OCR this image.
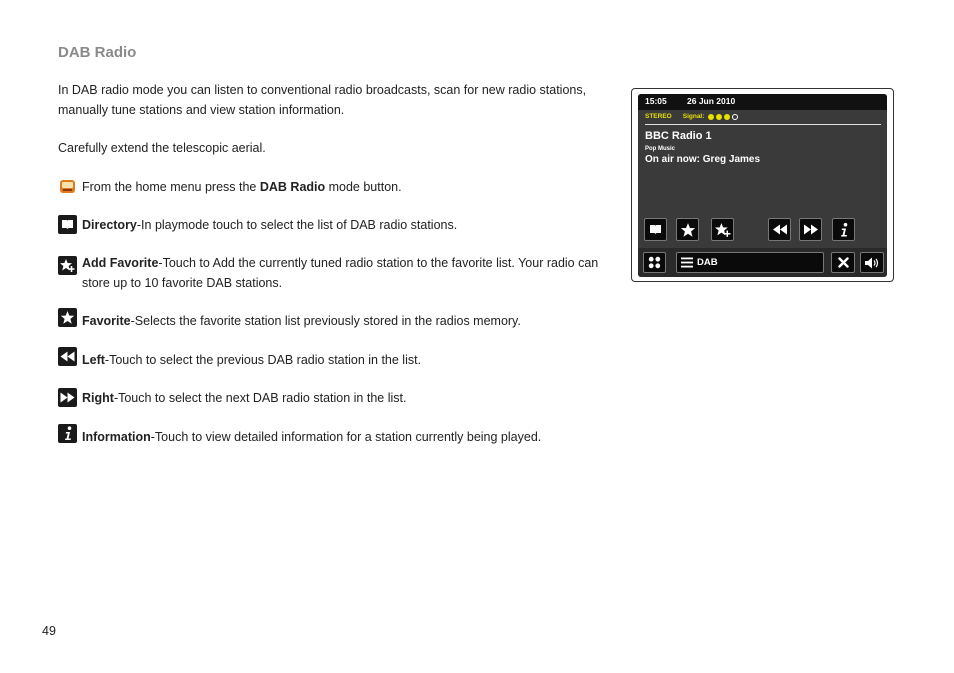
DAB Radio
In DAB radio mode you can listen to conventional radio broadcasts, scan for new radio stations, manually tune stations and view station information.
Carefully extend the telescopic aerial.
From the home menu press the DAB Radio mode button.
Directory-In playmode touch to select the list of DAB radio stations.
Add Favorite-Touch to Add the currently tuned radio station to the favorite list. Your radio can store up to 10 favorite DAB stations.
Favorite-Selects the favorite station list previously stored in the radios memory.
Left-Touch to select the previous DAB radio station in the list.
Right-Touch to select the next DAB radio station in the list.
Information-Touch to view detailed information for a station currently being played.
15:05 26 Jun 2010
STEREO Signal:
BBC Radio 1
Pop Music
On air now: Greg James
DAB
49
